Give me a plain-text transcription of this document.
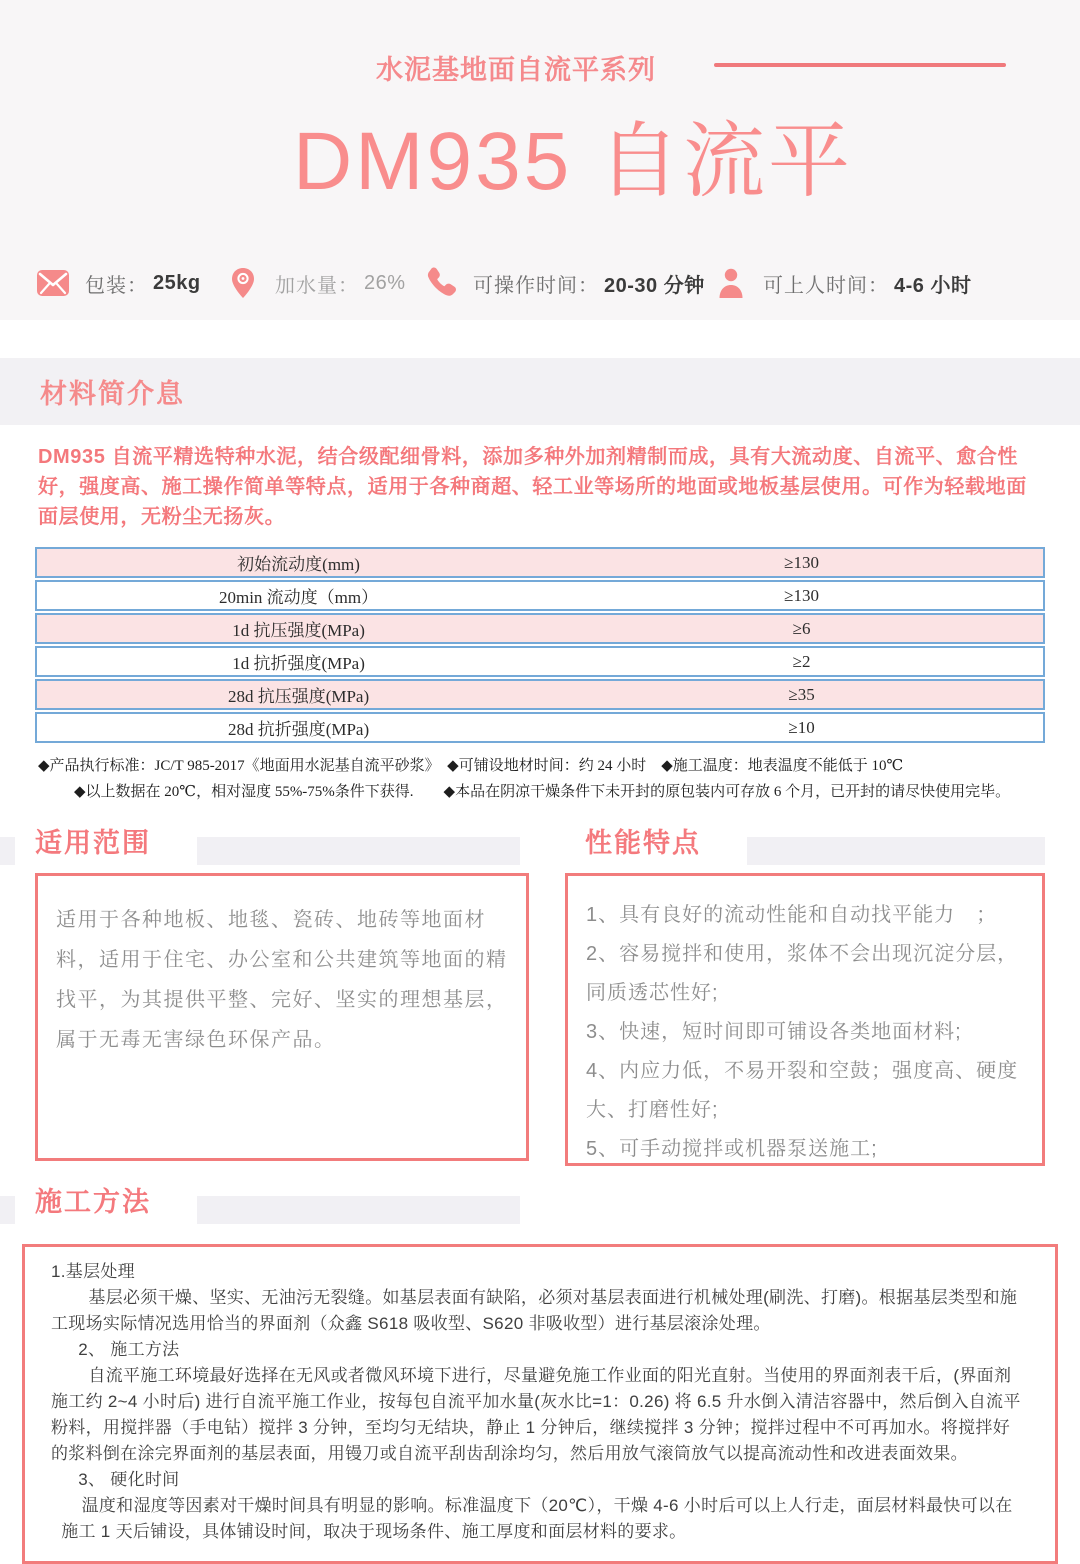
水泥基地面自流平系列
DM935 自流平
包装： 25kg	加水量： 26%	可操作时间： 20-30 分钟	可上人时间： 4-6 小时
材料简介息
DM935 自流平精选特种水泥，结合级配细骨料，添加多种外加剂精制而成，具有大流动度、自流平、愈合性好，强度高、施工操作简单等特点，适用于各种商超、轻工业等场所的地面或地板基层使用。可作为轻载地面面层使用，无粉尘无扬灰。
初始流动度(mm)	≥130
20min 流动度（mm）	≥130
1d 抗压强度(MPa)	≥6
1d 抗折强度(MPa)	≥2
28d 抗压强度(MPa)	≥35
28d 抗折强度(MPa)	≥10
◆产品执行标准：JC/T 985-2017《地面用水泥基自流平砂浆》　◆可铺设地材时间：约 24 小时　◆施工温度：地表温度不能低于 10℃
◆以上数据在 20℃，相对湿度 55%-75%条件下获得.　　◆本品在阴凉干燥条件下未开封的原包装内可存放 6 个月，已开封的请尽快使用完毕。
适用范围
适用于各种地板、地毯、瓷砖、地砖等地面材料，适用于住宅、办公室和公共建筑等地面的精找平，为其提供平整、完好、坚实的理想基层，属于无毒无害绿色环保产品。
性能特点
1、具有良好的流动性能和自动找平能力　；
2、容易搅拌和使用，浆体不会出现沉淀分层，同质透芯性好;
3、快速，短时间即可铺设各类地面材料;
4、内应力低，不易开裂和空鼓；强度高、硬度大、打磨性好;
5、可手动搅拌或机器泵送施工;
施工方法
1.基层处理
基层必须干燥、坚实、无油污无裂缝。如基层表面有缺陷，必须对基层表面进行机械处理(刷洗、打磨)。根据基层类型和施工现场实际情况选用恰当的界面剂（众鑫 S618 吸收型、S620 非吸收型）进行基层滚涂处理。
2、 施工方法
自流平施工环境最好选择在无风或者微风环境下进行，尽量避免施工作业面的阳光直射。当使用的界面剂表干后，(界面剂施工约 2~4 小时后) 进行自流平施工作业，按每包自流平加水量(灰水比=1：0.26) 将 6.5 升水倒入清洁容器中，然后倒入自流平粉料，用搅拌器（手电钻）搅拌 3 分钟，至均匀无结块，静止 1 分钟后，继续搅拌 3 分钟；搅拌过程中不可再加水。将搅拌好的浆料倒在涂完界面剂的基层表面，用镘刀或自流平刮齿刮涂均匀，然后用放气滚筒放气以提高流动性和改进表面效果。
3、 硬化时间
温度和湿度等因素对干燥时间具有明显的影响。标准温度下（20℃），干燥 4-6 小时后可以上人行走，面层材料最快可以在施工 1 天后铺设，具体铺设时间，取决于现场条件、施工厚度和面层材料的要求。
